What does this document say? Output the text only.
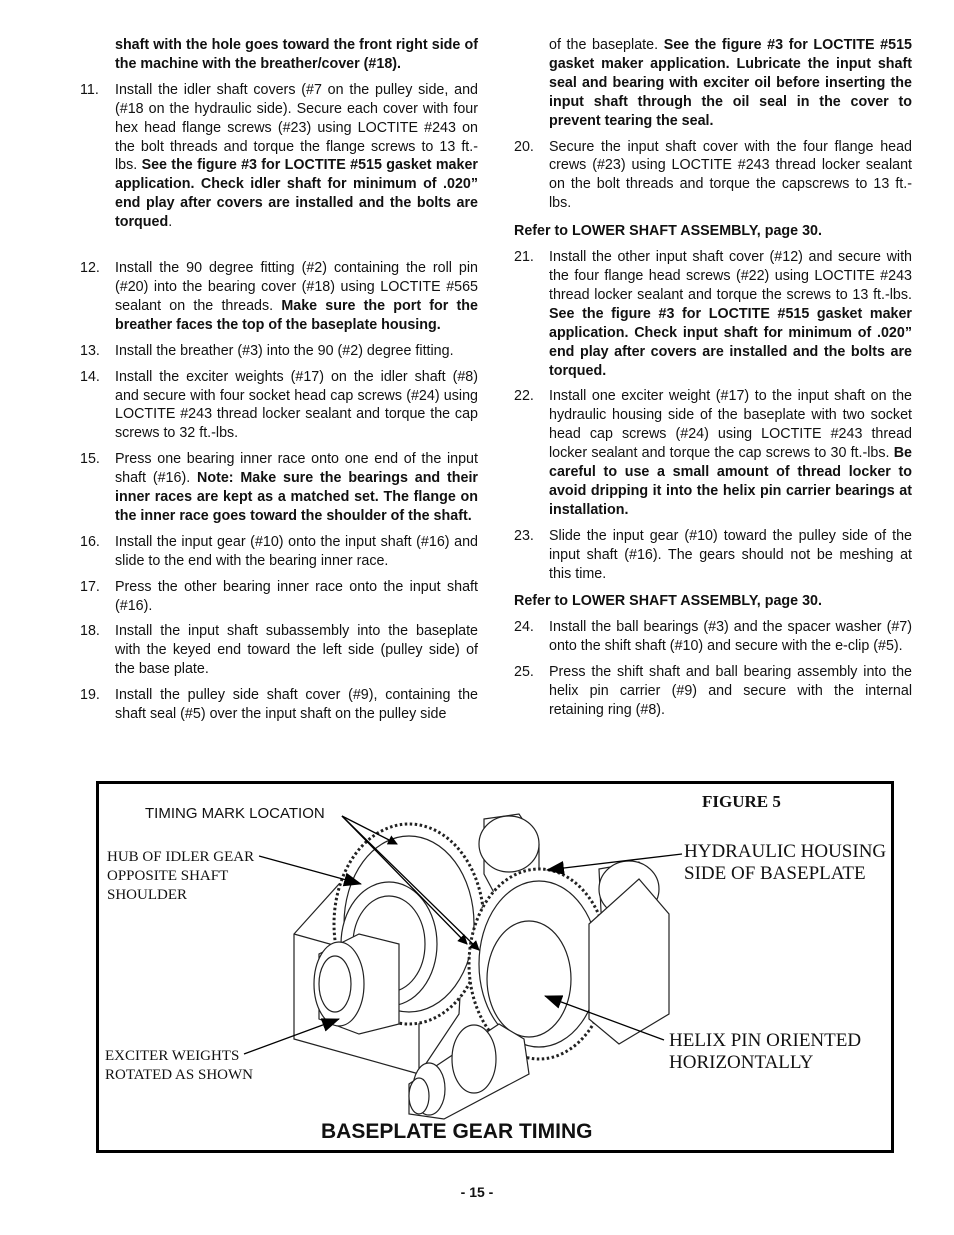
shaft with the hole goes toward the front right side of the machine with the breather/cover (#18).

11. Install the idler shaft covers (#7 on the pulley side, and (#18 on the hydraulic side). Secure each cover with four hex head flange screws (#23) using LOCTITE #243 on the bolt threads and torque the flange screws to 13 ft.-lbs. See the figure #3 for LOCTITE #515 gasket maker application. Check idler shaft for minimum of .020” end play after covers are installed and the bolts are torqued.

12. Install the 90 degree fitting (#2) containing the roll pin (#20) into the bearing cover (#18) using LOCTITE #565 sealant on the threads. Make sure the port for the breather faces the top of the baseplate housing.

13. Install the breather (#3) into the 90 (#2) degree fitting.

14. Install the exciter weights (#17) on the idler shaft (#8) and secure with four socket head cap screws (#24) using LOCTITE #243 thread locker sealant and torque the cap screws to 32 ft.-lbs.

15. Press one bearing inner race onto one end of the input shaft (#16). Note: Make sure the bearings and their inner races are kept as a matched set. The flange on the inner race goes toward the shoulder of the shaft.

16. Install the input gear (#10) onto the input shaft (#16) and slide to the end with the bearing inner race.

17. Press the other bearing inner race onto the input shaft (#16).

18. Install the input shaft subassembly into the baseplate with the keyed end toward the left side (pulley side) of the base plate.

19. Install the pulley side shaft cover (#9), containing the shaft seal (#5) over the input shaft on the pulley side

of the baseplate. See the figure #3 for LOCTITE #515 gasket maker application. Lubricate the input shaft seal and bearing with exciter oil before inserting the input shaft through the oil seal in the cover to prevent tearing the seal.

20. Secure the input shaft cover with the four flange head crews (#23) using LOCTITE #243 thread locker sealant on the bolt threads and torque the capscrews to 13 ft.-lbs.

Refer to LOWER SHAFT ASSEMBLY, page 30.

21. Install the other input shaft cover (#12) and secure with the four flange head screws (#22) using LOCTITE #243 thread locker sealant and torque the screws to 13 ft.-lbs. See the figure #3 for LOCTITE #515 gasket maker application. Check input shaft for minimum of .020” end play after covers are installed and the bolts are torqued.

22. Install one exciter weight (#17) to the input shaft on the hydraulic housing side of the baseplate with two socket head cap screws (#24) using LOCTITE #243 thread locker sealant and torque the cap screws to 30 ft.-lbs. Be careful to use a small amount of thread locker to avoid dripping it into the helix pin carrier bearings at installation.

23. Slide the input gear (#10) toward the pulley side of the input shaft (#16). The gears should not be meshing at this time.

Refer to LOWER SHAFT ASSEMBLY, page 30.

24. Install the ball bearings (#3) and the spacer washer (#7) onto the shift shaft (#10) and secure with the e-clip (#5).

25. Press the shift shaft and ball bearing assembly into the helix pin carrier (#9) and secure with the internal retaining ring (#8).

FIGURE 5
TIMING MARK LOCATION
HUB OF IDLER GEAR
OPPOSITE SHAFT
SHOULDER
HYDRAULIC HOUSING
SIDE OF BASEPLATE
HELIX PIN ORIENTED
HORIZONTALLY
EXCITER WEIGHTS
ROTATED AS SHOWN
BASEPLATE GEAR TIMING
- 15 -
